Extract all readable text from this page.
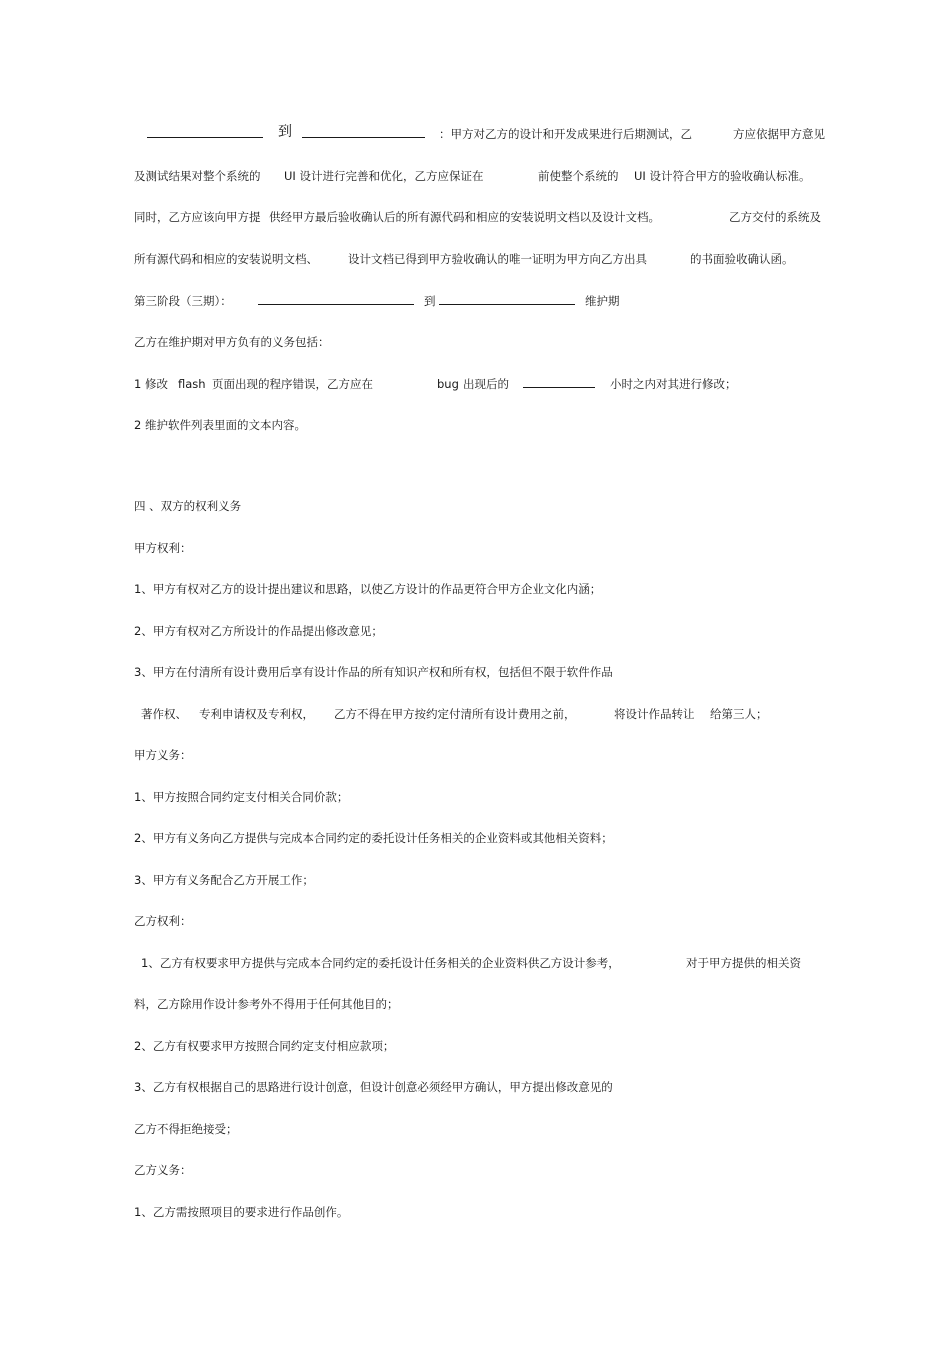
到	：甲方对乙方的设计和开发成果进行后期测试，乙	方应依据甲方意见
及测试结果对整个系统的 UI 设计进行完善和优化，乙方应保证在	前使整个系统的 UI 设计符合甲方的验收确认标准。
同时，乙方应该向甲方提 供经甲方最后验收确认后的所有源代码和相应的安装说明文档以及设计文档。	乙方交付的系统及
所有源代码和相应的安装说明文档、	设计文档已得到甲方验收确认的唯一证明为甲方向乙方出具	的书面验收确认函。
第三阶段（三期）：	到	维护期
乙方在维护期对甲方负有的义务包括：
1 修改 flash 页面出现的程序错误，乙方应在	bug 出现后的	小时之内对其进行修改；
2 维护软件列表里面的文本内容。
四 、双方的权利义务
甲方权利：
1、甲方有权对乙方的设计提出建议和思路，以使乙方设计的作品更符合甲方企业文化内涵；
2、甲方有权对乙方所设计的作品提出修改意见；
3、甲方在付清所有设计费用后享有设计作品的所有知识产权和所有权，包括但不限于软件作品
著作权、 专利申请权及专利权， 乙方不得在甲方按约定付清所有设计费用之前，	将设计作品转让 给第三人；
甲方义务：
1、甲方按照合同约定支付相关合同价款；
2、甲方有义务向乙方提供与完成本合同约定的委托设计任务相关的企业资料或其他相关资料；
3、甲方有义务配合乙方开展工作；
乙方权利：
1、乙方有权要求甲方提供与完成本合同约定的委托设计任务相关的企业资料供乙方设计参考，	对于甲方提供的相关资
料，乙方除用作设计参考外不得用于任何其他目的；
2、乙方有权要求甲方按照合同约定支付相应款项；
3、乙方有权根据自己的思路进行设计创意，但设计创意必须经甲方确认，甲方提出修改意见的
乙方不得拒绝接受；
乙方义务：
1、乙方需按照项目的要求进行作品创作。
